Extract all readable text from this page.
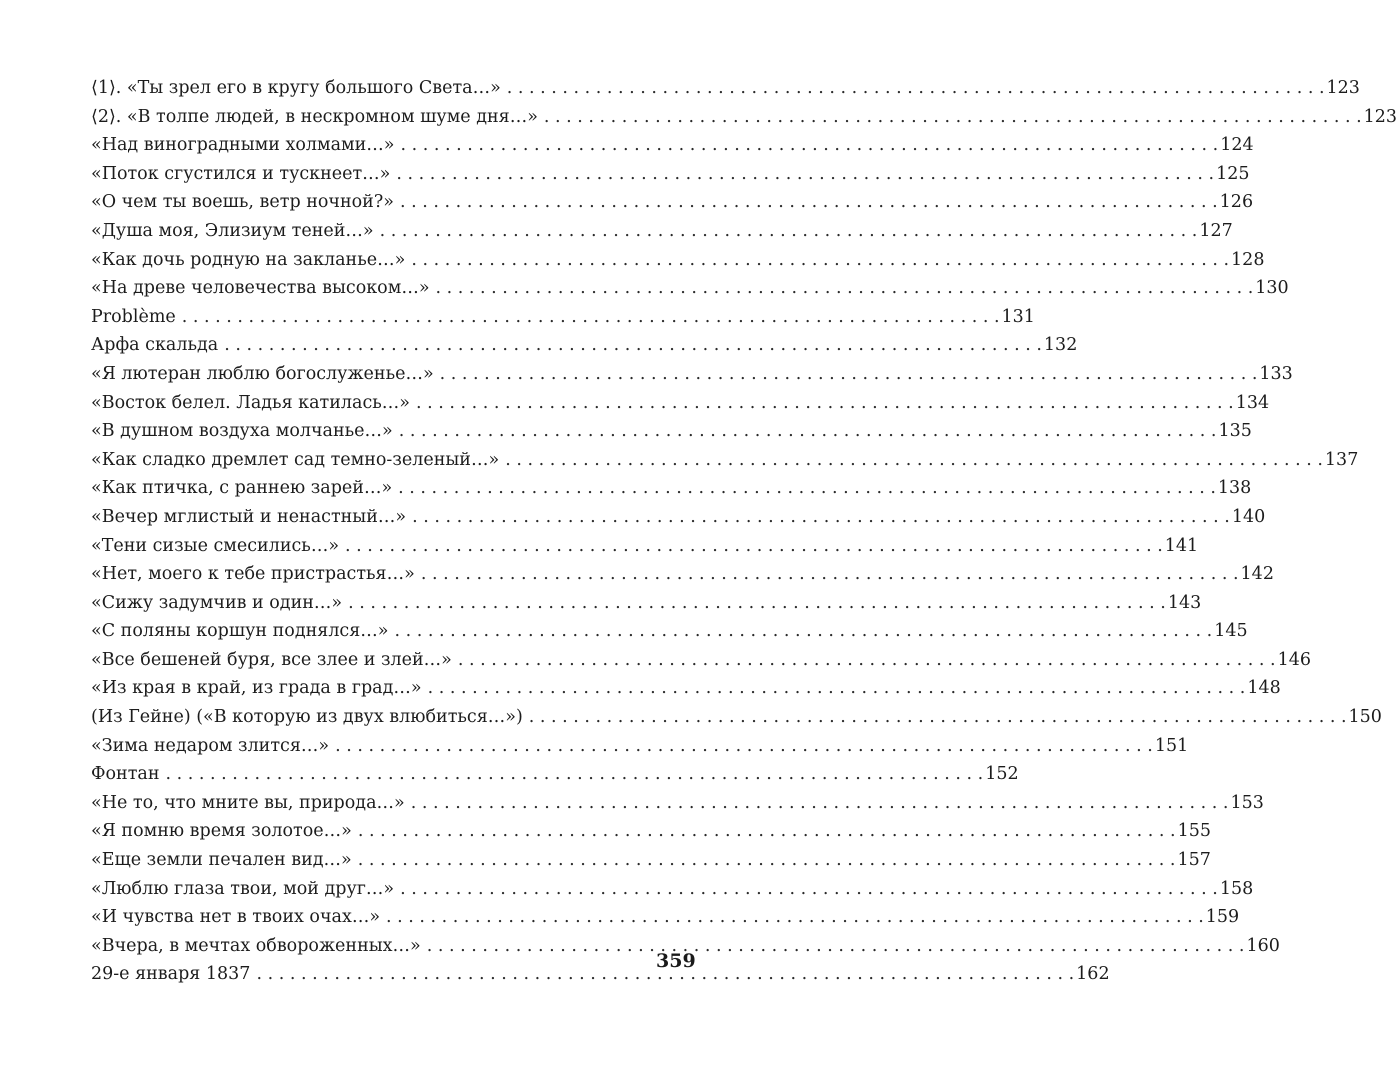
⟨1⟩. «Ты зрел его в кругу большого Света…» . . .	123
⟨2⟩. «В толпе людей, в нескромном шуме дня…» . . .	123
«Над виноградными холмами…» . . .	124
«Поток сгустился и тускнеет…» . . .	125
«О чем ты воешь, ветр ночной?» . . .	126
«Душа моя, Элизиум теней…» . . .	127
«Как дочь родную на закланье…» . . .	128
«На древе человечества высоком…» . . .	130
Problème . . .	131
Арфа скальда . . .	132
«Я лютеран люблю богослуженье…» . . .	133
«Восток белел. Ладья катилась…» . . .	134
«В душном воздуха молчанье…» . . .	135
«Как сладко дремлет сад темно-зеленый…» . . .	137
«Как птичка, с раннею зарей…» . . .	138
«Вечер мглистый и ненастный…» . . .	140
«Тени сизые смесились…» . . .	141
«Нет, моего к тебе пристрастья…» . . .	142
«Сижу задумчив и один…» . . .	143
«С поляны коршун поднялся…» . . .	145
«Все бешеней буря, все злее и злей…» . . .	146
«Из края в край, из града в град…» . . .	148
(Из Гейне) («В которую из двух влюбиться…») . . .	150
«Зима недаром злится…» . . .	151
Фонтан . . .	152
«Не то, что мните вы, природа…» . . .	153
«Я помню время золотое…» . . .	155
«Еще земли печален вид…» . . .	157
«Люблю глаза твои, мой друг…» . . .	158
«И чувства нет в твоих очах…» . . .	159
«Вчера, в мечтах обвороженных…» . . .	160
29-е января 1837 . . .	162
359
